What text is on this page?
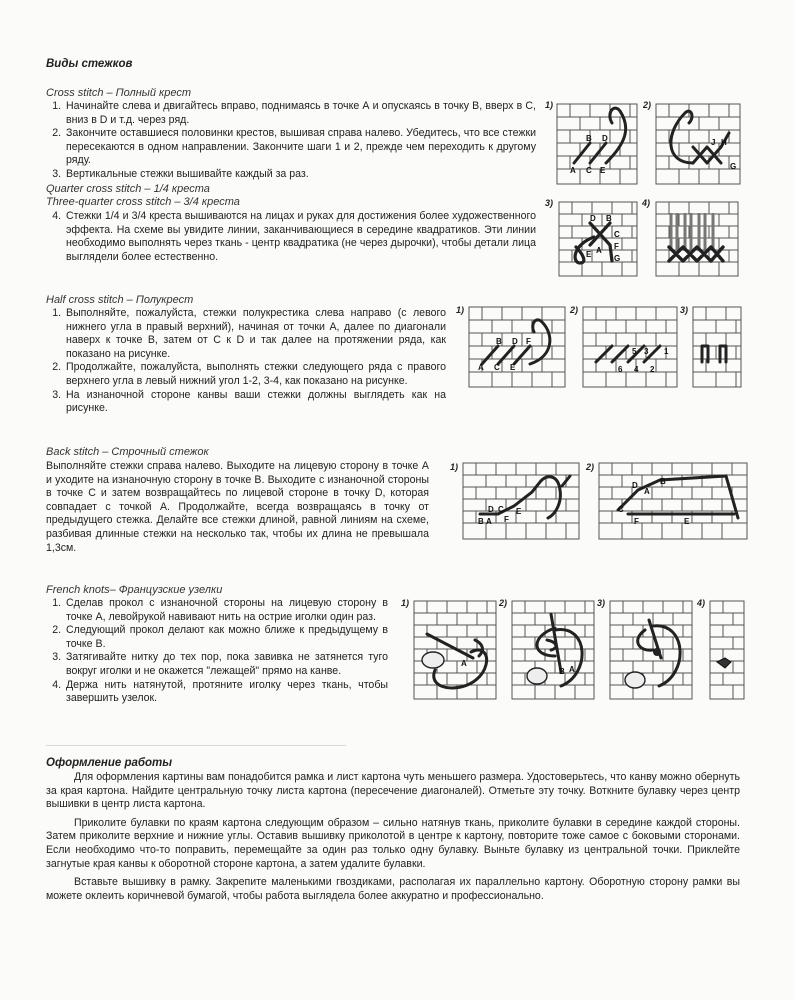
Виды стежков
Cross stitch – Полный крест
1. Начинайте слева и двигайтесь вправо, поднимаясь в точке А и опускаясь в точку В, вверх в С, вниз в D и т.д. через ряд.
2. Закончите оставшиеся половинки крестов, вышивая справа налево. Убедитесь, что все стежки пересекаются в одном направлении. Закончите шаги 1 и 2, прежде чем переходить к другому ряду.
3. Вертикальные стежки вышивайте каждый за раз.
Quarter cross stitch – 1/4 креста
Three-quarter cross stitch – 3/4 креста
4. Стежки 1/4 и 3/4 креста вышиваются на лицах и руках для достижения более художественного эффекта. На схеме вы увидите линии, заканчивающиеся в середине квадратиков. Эти линии необходимо выполнять через ткань - центр квадратика (не через дырочки), чтобы детали лица выглядели более естественно.
1)
A C E
B D
2)
J H
G
3)
D B
C
F
E	G
A
4)
Half cross stitch – Полукрест
1. Выполняйте, пожалуйста, стежки полукрестика слева направо (с левого нижнего угла в правый верхний), начиная от точки А, далее по диагонали наверх к точке В, затем от С к D и так далее на протяжении ряда, как показано на рисунке.
2. Продолжайте, пожалуйста, выполнять стежки следующего ряда с правого верхнего угла в левый нижний угол 1-2, 3-4, как показано на рисунке.
3. На изнаночной стороне канвы ваши стежки должны выглядеть как на рисунке.
1)
A C E
B D F
2)
5 3 1
6 4 2
3)
Back stitch – Строчный стежок
Выполняйте стежки справа налево. Выходите на лицевую сторону в точке А и уходите на изнаночную сторону в точке В. Выходите с изнаночной стороны в точке С и затем возвращайтесь по лицевой стороне в точку D, которая совпадает с точкой А. Продолжайте, всегда возвращаясь в точку от предыдущего стежка. Делайте все стежки длиной, равной линиям на схеме, разбивая длинные стежки на несколько так, чтобы их длина не превышала 1,3см.
1)
B A
D C
F
E
2)
D
A
B
C
F	E
French knots– Французские узелки
1. Сделав прокол с изнаночной стороны на лицевую сторону в точке А, левойрукой навивают нить на острие иголки один раз.
2. Следующий прокол делают как можно ближе к предыдущему в точке В.
3. Затягивайте нитку до тех пор, пока завивка не затянется туго вокруг иголки и не окажется "лежащей" прямо на канве.
4. Держа нить натянутой, протяните иголку через ткань, чтобы завершить узелок.
1)
A
2)
B A
3)	4)
Оформление работы

Для оформления картины вам понадобится рамка и лист картона чуть меньшего размера. Удостоверьтесь, что канву можно обернуть за края картона. Найдите центральную точку листа картона (пересечение диагоналей). Отметьте эту точку. Воткните булавку через центр вышивки в центр листа картона.

Приколите булавки по краям картона следующим образом – сильно натянув ткань, приколите булавки в середине каждой стороны. Затем приколите верхние и нижние углы. Оставив вышивку приколотой в центре к картону, повторите тоже самое с боковыми сторонами. Если необходимо что-то поправить, перемещайте за один раз только одну булавку. Выньте булавку из центральной точки. Приклейте загнутые края канвы к оборотной стороне картона, а затем удалите булавки.

Вставьте вышивку в рамку. Закрепите маленькими гвоздиками, располагая их параллельно картону. Оборотную сторону рамки вы можете оклеить коричневой бумагой, чтобы работа выглядела более аккуратно и профессионально.
